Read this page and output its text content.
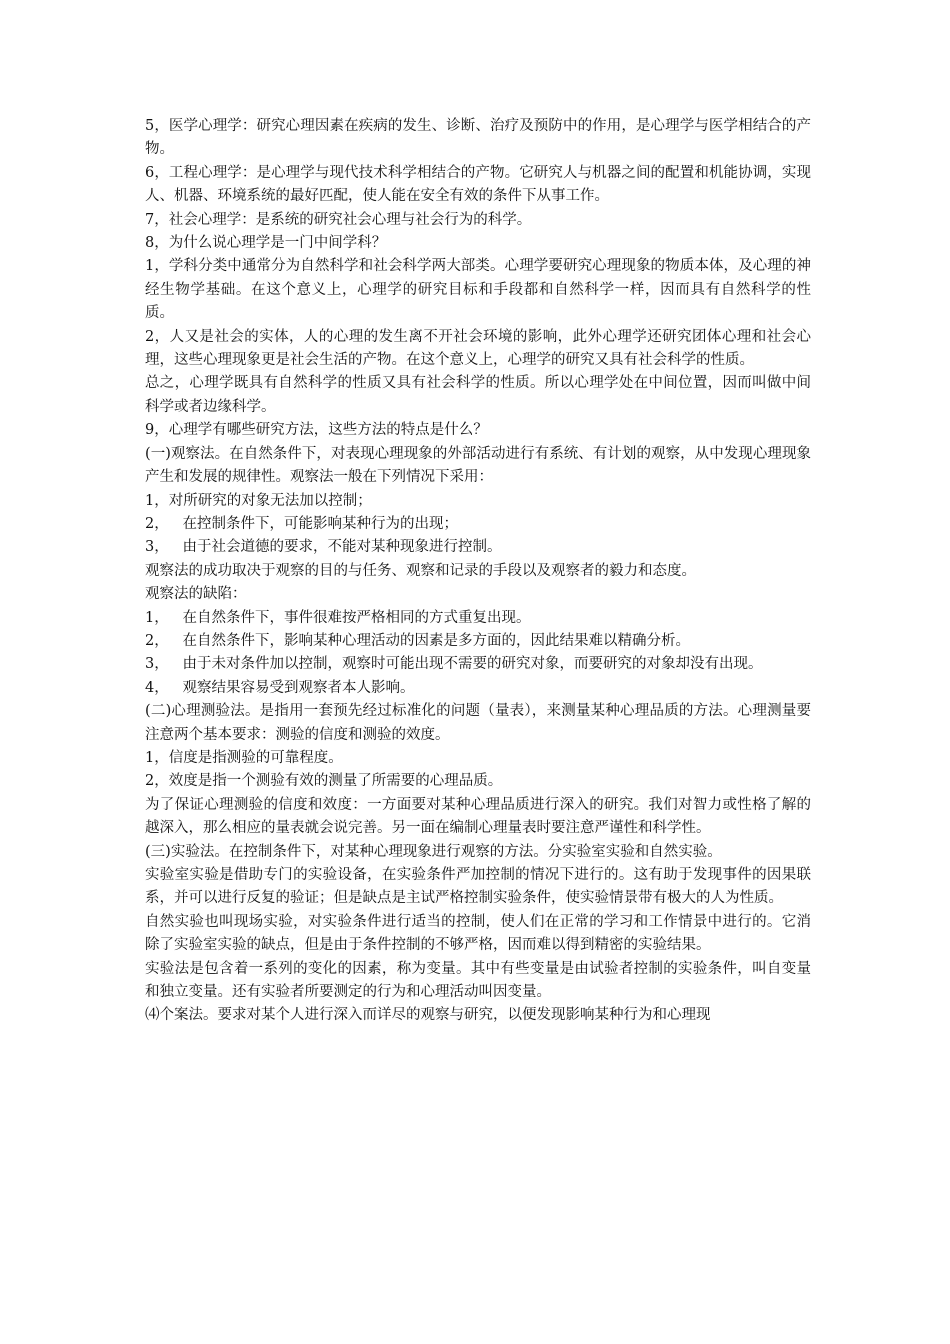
5，医学心理学：研究心理因素在疾病的发生、诊断、治疗及预防中的作用，是心理学与医学相结合的产物。

6，工程心理学：是心理学与现代技术科学相结合的产物。它研究人与机器之间的配置和机能协调，实现人、机器、环境系统的最好匹配，使人能在安全有效的条件下从事工作。

7，社会心理学：是系统的研究社会心理与社会行为的科学。

8，为什么说心理学是一门中间学科？

1，学科分类中通常分为自然科学和社会科学两大部类。心理学要研究心理现象的物质本体，及心理的神经生物学基础。在这个意义上，心理学的研究目标和手段都和自然科学一样，因而具有自然科学的性质。

2，人又是社会的实体，人的心理的发生离不开社会环境的影响，此外心理学还研究团体心理和社会心理，这些心理现象更是社会生活的产物。在这个意义上，心理学的研究又具有社会科学的性质。

总之，心理学既具有自然科学的性质又具有社会科学的性质。所以心理学处在中间位置，因而叫做中间科学或者边缘科学。

9，心理学有哪些研究方法，这些方法的特点是什么？

(一)观察法。在自然条件下，对表现心理现象的外部活动进行有系统、有计划的观察，从中发现心理现象产生和发展的规律性。观察法一般在下列情况下采用：

1，对所研究的对象无法加以控制；

2，   在控制条件下，可能影响某种行为的出现；

3，   由于社会道德的要求，不能对某种现象进行控制。

观察法的成功取决于观察的目的与任务、观察和记录的手段以及观察者的毅力和态度。

观察法的缺陷：

1，   在自然条件下，事件很难按严格相同的方式重复出现。

2，   在自然条件下，影响某种心理活动的因素是多方面的，因此结果难以精确分析。

3，   由于未对条件加以控制，观察时可能出现不需要的研究对象，而要研究的对象却没有出现。

4，   观察结果容易受到观察者本人影响。

(二)心理测验法。是指用一套预先经过标准化的问题（量表），来测量某种心理品质的方法。心理测量要注意两个基本要求：测验的信度和测验的效度。

1，信度是指测验的可靠程度。

2，效度是指一个测验有效的测量了所需要的心理品质。

为了保证心理测验的信度和效度：一方面要对某种心理品质进行深入的研究。我们对智力或性格了解的越深入，那么相应的量表就会说完善。另一面在编制心理量表时要注意严谨性和科学性。

(三)实验法。在控制条件下，对某种心理现象进行观察的方法。分实验室实验和自然实验。

实验室实验是借助专门的实验设备，在实验条件严加控制的情况下进行的。这有助于发现事件的因果联系，并可以进行反复的验证；但是缺点是主试严格控制实验条件，使实验情景带有极大的人为性质。

自然实验也叫现场实验，对实验条件进行适当的控制，使人们在正常的学习和工作情景中进行的。它消除了实验室实验的缺点，但是由于条件控制的不够严格，因而难以得到精密的实验结果。

实验法是包含着一系列的变化的因素，称为变量。其中有些变量是由试验者控制的实验条件，叫自变量和独立变量。还有实验者所要测定的行为和心理活动叫因变量。

⑷个案法。要求对某个人进行深入而详尽的观察与研究，以便发现影响某种行为和心理现
